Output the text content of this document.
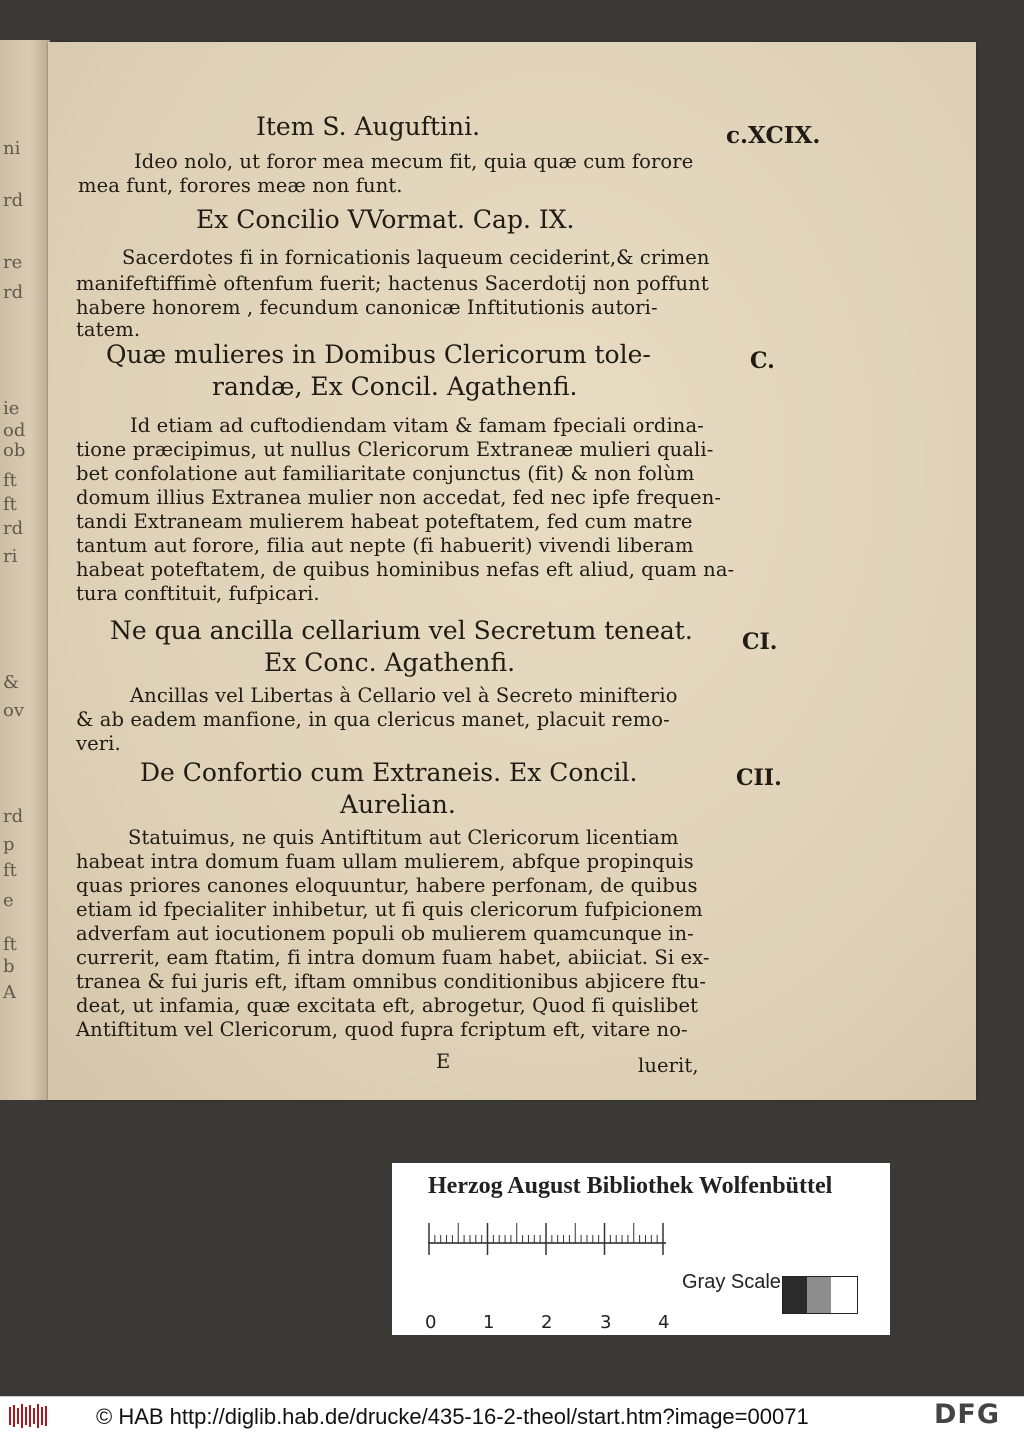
ni
rd
re
rd
ie
od
ob
ft
ft
rd
ri
&
ov
rd
p
ft
e
ft
b
A
Item S. Auguftini.
Ideo nolo, ut foror mea mecum fit, quia quæ cum forore
mea funt, forores meæ non funt.
Ex Concilio VVormat. Cap. IX.
Sacerdotes fi in fornicationis laqueum ceciderint,& crimen
manifeftiffimè oftenfum fuerit; hactenus Sacerdotij non poffunt
habere honorem , fecundum canonicæ Inftitutionis autori-
tatem.
Quæ mulieres in Domibus Clericorum tole-
randæ, Ex Concil. Agathenfi.
Id etiam ad cuftodiendam vitam & famam fpeciali ordina-
tione præcipimus, ut nullus Clericorum Extraneæ mulieri quali-
bet confolatione aut familiaritate conjunctus (fit) & non folùm
domum illius Extranea mulier non accedat, fed nec ipfe frequen-
tandi Extraneam mulierem habeat poteftatem, fed cum matre
tantum aut forore, filia aut nepte (fi habuerit) vivendi liberam
habeat poteftatem, de quibus hominibus nefas eft aliud, quam na-
tura conftituit, fufpicari.
Ne qua ancilla cellarium vel Secretum teneat.
Ex Conc. Agathenfi.
Ancillas vel Libertas à Cellario vel à Secreto minifterio
& ab eadem manfione, in qua clericus manet, placuit remo-
veri.
De Confortio cum Extraneis. Ex Concil.
Aurelian.
Statuimus, ne quis Antiftitum aut Clericorum licentiam
habeat intra domum fuam ullam mulierem, abfque propinquis
quas priores canones eloquuntur, habere perfonam, de quibus
etiam id fpecialiter inhibetur, ut fi quis clericorum fufpicionem
adverfam aut iocutionem populi ob mulierem quamcunque in-
currerit, eam ftatim, fi intra domum fuam habet, abiiciat. Si ex-
tranea & fui juris eft, iftam omnibus conditionibus abjicere ftu-
deat, ut infamia, quæ excitata eft, abrogetur, Quod fi quislibet
Antiftitum vel Clericorum, quod fupra fcriptum eft, vitare no-
c.XCIX.
C.
CI.
CII.
E	luerit,
Herzog August Bibliothek Wolfenbüttel
Gray Scale
0	1	2	3	4
© HAB http://diglib.hab.de/drucke/435-16-2-theol/start.htm?image=00071	DFG
